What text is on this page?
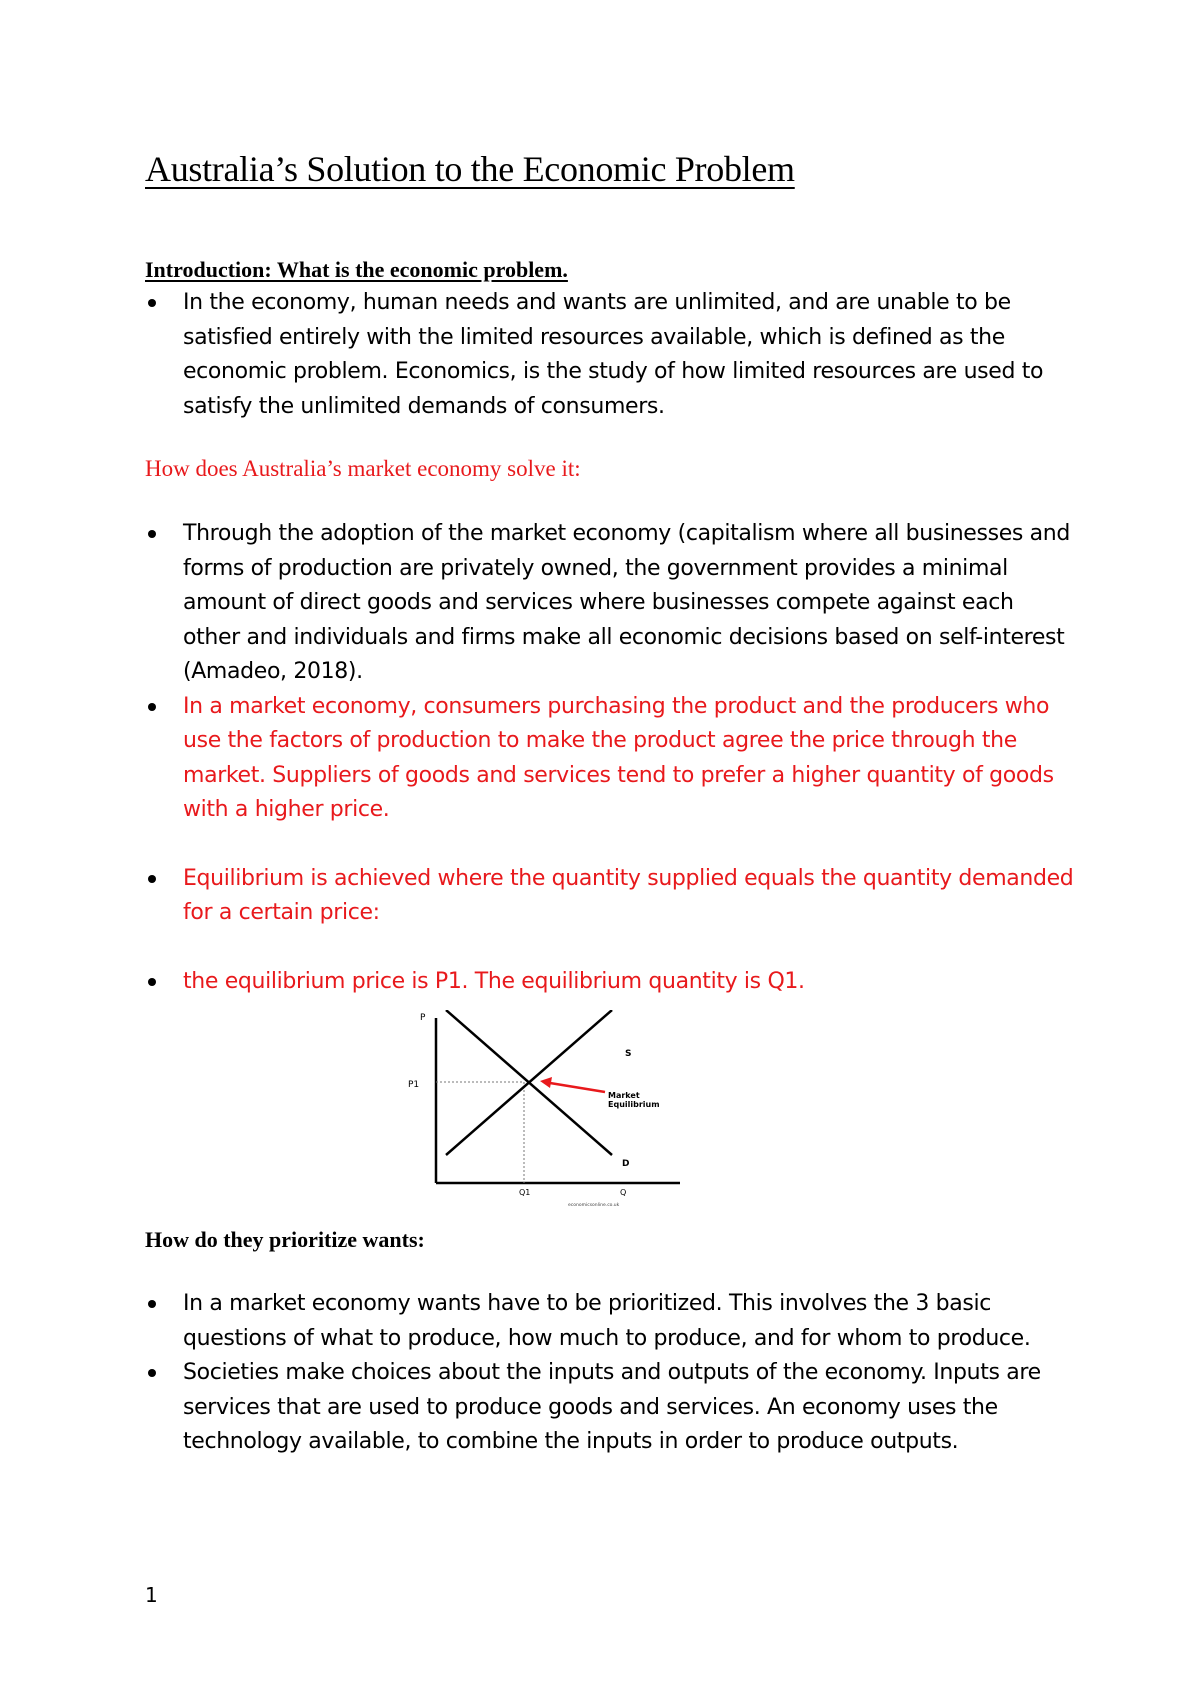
Australia’s Solution to the Economic Problem
Introduction: What is the economic problem.
In the economy, human needs and wants are unlimited, and are unable to be satisfied entirely with the limited resources available, which is defined as the economic problem. Economics, is the study of how limited resources are used to satisfy the unlimited demands of consumers.
How does Australia’s market economy solve it:
Through the adoption of the market economy (capitalism where all businesses and forms of production are privately owned, the government provides a minimal amount of direct goods and services where businesses compete against each other and individuals and firms make all economic decisions based on self-interest (Amadeo, 2018).
In a market economy, consumers purchasing the product and the producers who use the factors of production to make the product agree the price through the market. Suppliers of goods and services tend to prefer a higher quantity of goods with a higher price.
Equilibrium is achieved where the quantity supplied equals the quantity demanded for a certain price:
the equilibrium price is P1. The equilibrium quantity is Q1.
P
P1
S
D
Market Equilibrium
Q1	Q
economicsonline.co.uk
How do they prioritize wants:
In a market economy wants have to be prioritized. This involves the 3 basic questions of what to produce, how much to produce, and for whom to produce.
Societies make choices about the inputs and outputs of the economy. Inputs are services that are used to produce goods and services. An economy uses the technology available, to combine the inputs in order to produce outputs.
1
